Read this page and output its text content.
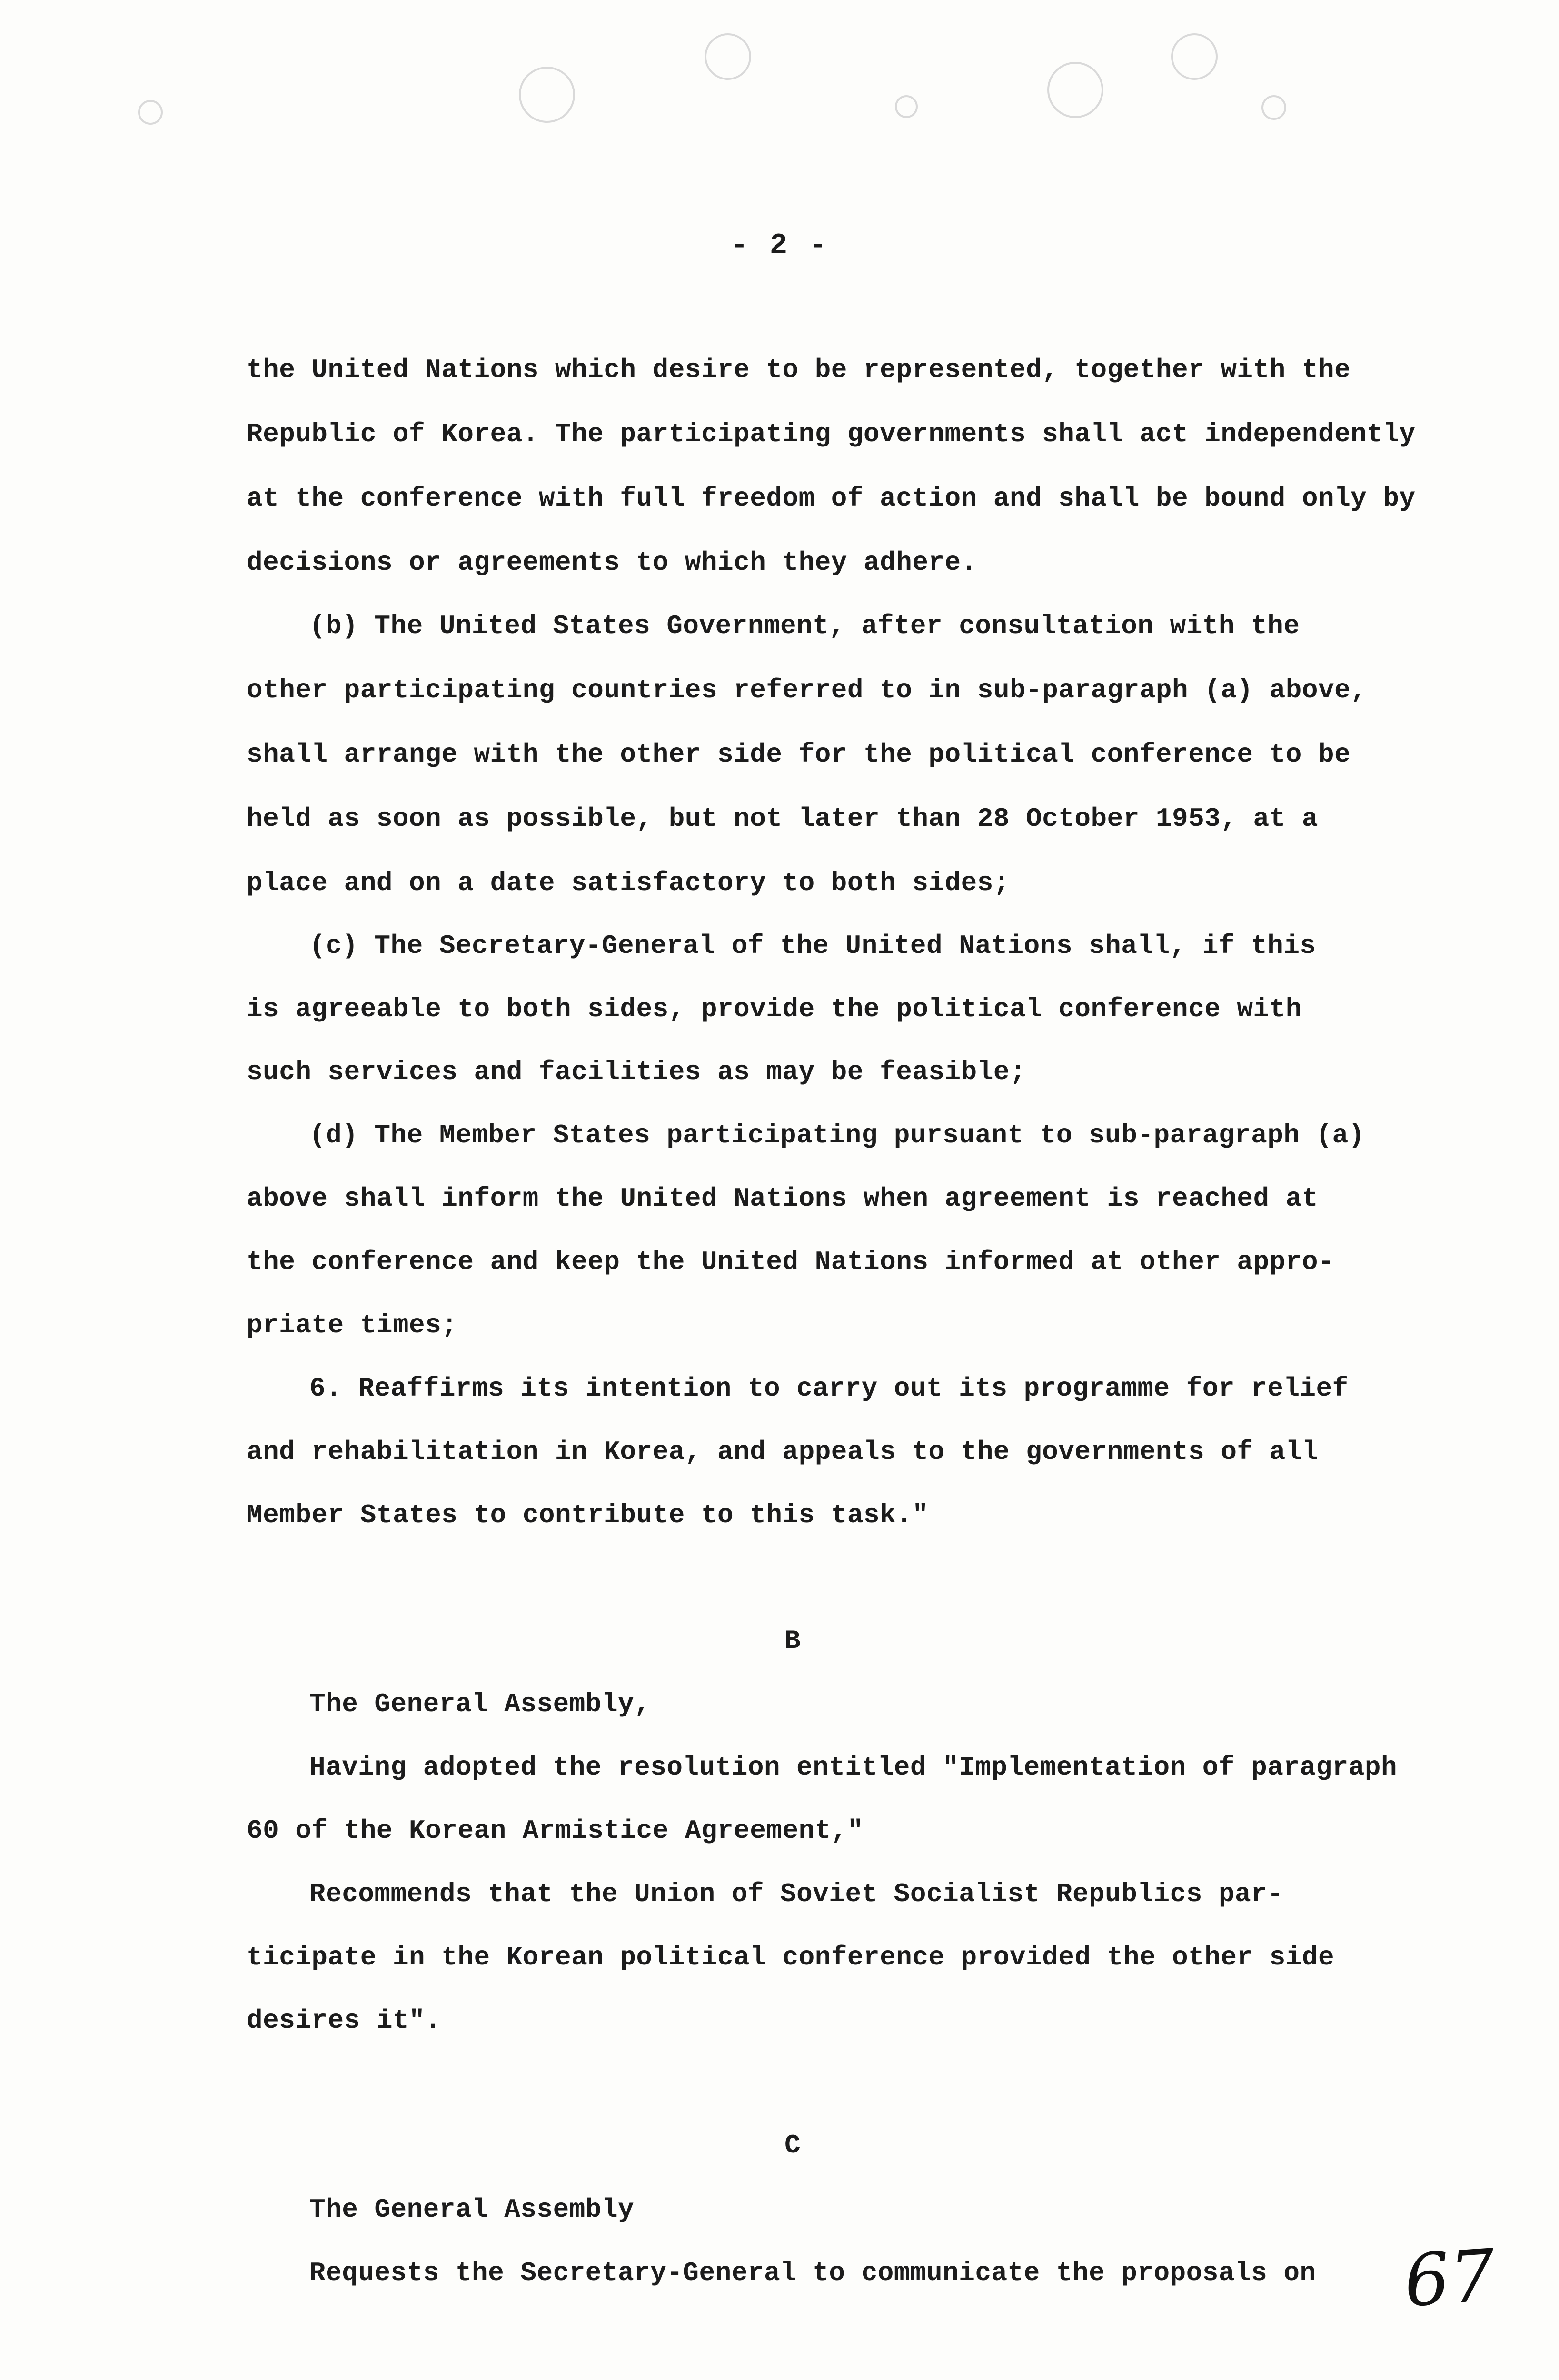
- 2 -
the United Nations which desire to be represented, together with the
Republic of Korea. The participating governments shall act independently
at the conference with full freedom of action and shall be bound only by
decisions or agreements to which they adhere.
(b) The United States Government, after consultation with the
other participating countries referred to in sub-paragraph (a) above,
shall arrange with the other side for the political conference to be
held as soon as possible, but not later than 28 October 1953, at a
place and on a date satisfactory to both sides;
(c) The Secretary-General of the United Nations shall, if this
is agreeable to both sides, provide the political conference with
such services and facilities as may be feasible;
(d) The Member States participating pursuant to sub-paragraph (a)
above shall inform the United Nations when agreement is reached at
the conference and keep the United Nations informed at other appro-
priate times;
6. Reaffirms its intention to carry out its programme for relief
and rehabilitation in Korea, and appeals to the governments of all
Member States to contribute to this task."
B
The General Assembly,
Having adopted the resolution entitled "Implementation of paragraph
60 of the Korean Armistice Agreement,"
Recommends that the Union of Soviet Socialist Republics par-
ticipate in the Korean political conference provided the other side
desires it".
C
The General Assembly
Requests the Secretary-General to communicate the proposals on 67
